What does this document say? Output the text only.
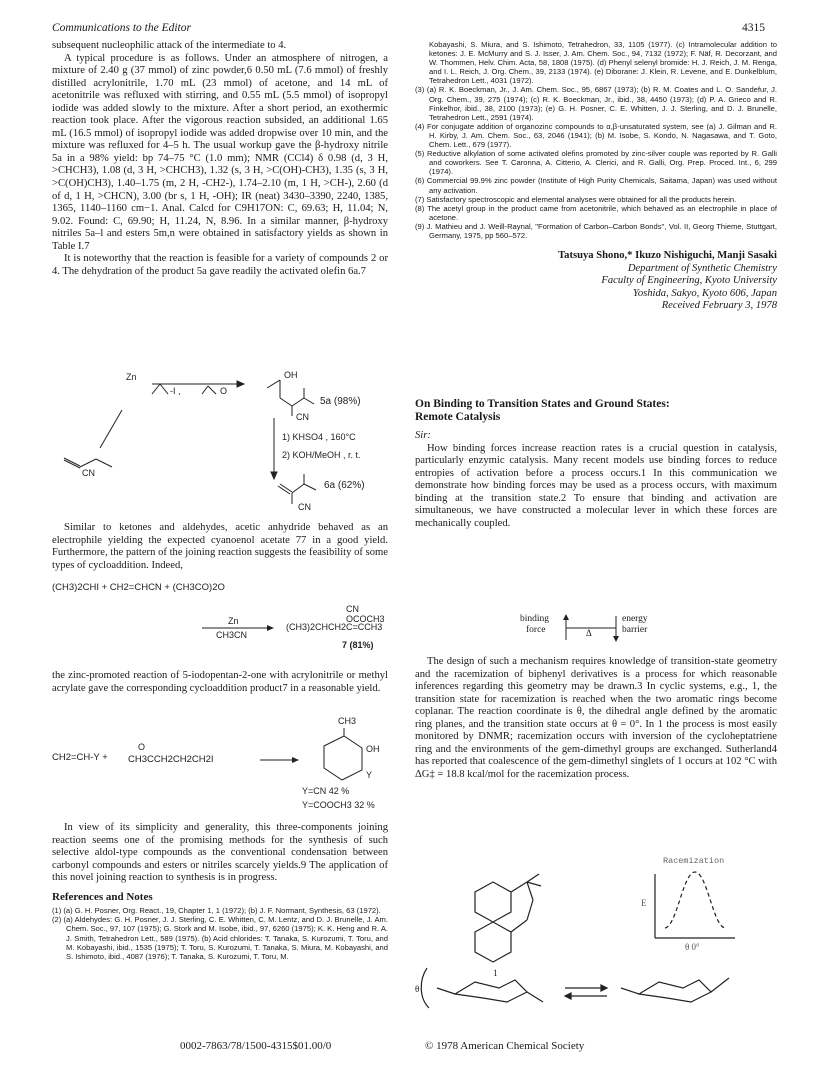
Communications to the Editor	4315

subsequent nucleophilic attack of the intermediate to 4.

A typical procedure is as follows. Under an atmosphere of nitrogen, a mixture of 2.40 g (37 mmol) of zinc powder,6 0.50 mL (7.6 mmol) of freshly distilled acrylonitrile, 1.70 mL (23 mmol) of acetone, and 14 mL of acetonitrile was refluxed with stirring, and 0.55 mL (5.5 mmol) of isopropyl iodide was added slowly to the mixture. After a short period, an exothermic reaction took place. After the vigorous reaction subsided, an additional 1.65 mL (16.5 mmol) of isopropyl iodide was added dropwise over 10 min, and the mixture was refluxed for 4–5 h. The usual workup gave the β-hydroxy nitrile 5a in a 98% yield: bp 74–75 °C (1.0 mm); NMR (CCl4) δ 0.98 (d, 3 H, >CHCH3), 1.08 (d, 3 H, >CHCH3), 1.32 (s, 3 H, >C(OH)-CH3), 1.35 (s, 3 H, >C(OH)CH3), 1.40–1.75 (m, 2 H, -CH2-), 1.74–2.10 (m, 1 H, >CH-), 2.60 (d of d, 1 H, >CHCN), 3.00 (br s, 1 H, -OH); IR (neat) 3430–3390, 2240, 1385, 1365, 1140–1160 cm−1. Anal. Calcd for C9H17ON: C, 69.63; H, 11.04; N, 9.02. Found: C, 69.90; H, 11.24, N, 8.96. In a similar manner, β-hydroxy nitriles 5a–l and esters 5m,n were obtained in satisfactory yields as shown in Table I.7

It is noteworthy that the reaction is feasible for a variety of compounds 2 or 4. The dehydration of the product 5a gave readily the activated olefin 6a.7

Zn
-I ,	O
OH
CN
5a (98%)
CN
1) KHSO4 , 160°C
2) KOH/MeOH , r. t.
6a (62%)
CN

Similar to ketones and aldehydes, acetic anhydride behaved as an electrophile yielding the expected cyanoenol acetate 77 in a good yield. Furthermore, the pattern of the joining reaction suggests the feasibility of some types of cycloaddition. Indeed,

(CH3)2CHI + CH2=CHCN + (CH3CO)2O
Zn
CH3CN
CN OCOCH3
(CH3)2CHCH2C=CCH3
7 (81%)

the zinc-promoted reaction of 5-iodopentan-2-one with acrylonitrile or methyl acrylate gave the corresponding cycloaddition product7 in a reasonable yield.

CH2=CH-Y +
O
CH3CCH2CH2CH2I
CH3
OH
Y
Y=CN 42 %
Y=COOCH3 32 %

In view of its simplicity and generality, this three-components joining reaction seems one of the promising methods for the synthesis of such selective aldol-type compounds as the conventional condensation between carbonyl compounds and esters or nitriles scarcely yields.9 The application of this novel joining reaction to synthesis is in progress.

References and Notes

(1) (a) G. H. Posner, Org. React., 19, Chapter 1, 1 (1972); (b) J. F. Normant, Synthesis, 63 (1972).

(2) (a) Aldehydes: G. H. Posner, J. J. Sterling, C. E. Whitten, C. M. Lentz, and D. J. Brunelle, J. Am. Chem. Soc., 97, 107 (1975); G. Stork and M. Isobe, ibid., 97, 6260 (1975); K. K. Heng and R. A. J. Smith, Tetrahedron Lett., 589 (1975). (b) Acid chlorides: T. Tanaka, S. Kurozumi, T. Toru, and M. Kobayashi, ibid., 1535 (1975); T. Toru, S. Kurozumi, T. Tanaka, S. Miura, M. Kobayashi, and S. Ishimoto, ibid., 4087 (1976); T. Tanaka, S. Kurozumi, T. Toru, M.

Kobayashi, S. Miura, and S. Ishimoto, Tetrahedron, 33, 1105 (1977). (c) Intramolecular addition to ketones: J. E. McMurry and S. J. Isser, J. Am. Chem. Soc., 94, 7132 (1972); F. Näf, R. Decorzant, and W. Thommen, Helv. Chim. Acta, 58, 1808 (1975). (d) Phenyl selenyl bromide: H. J. Reich, J. M. Renga, and I. L. Reich, J. Org. Chem., 39, 2133 (1974). (e) Diborane: J. Klein, R. Levene, and E. Dunkelblum, Tetrahedron Lett., 4031 (1972).

(3) (a) R. K. Boeckman, Jr., J. Am. Chem. Soc., 95, 6867 (1973); (b) R. M. Coates and L. O. Sandefur, J. Org. Chem., 39, 275 (1974); (c) R. K. Boeckman, Jr., ibid., 38, 4450 (1973); (d) P. A. Grieco and R. Finkelhor, ibid., 38, 2100 (1973); (e) G. H. Posner, C. E. Whitten, J. J. Sterling, and D. J. Brunelle, Tetrahedron Lett., 2591 (1974).

(4) For conjugate addition of organozinc compounds to α,β-unsaturated system, see (a) J. Gilman and R. H. Kirby, J. Am. Chem. Soc., 63, 2046 (1941); (b) M. Isobe, S. Kondo, N. Nagasawa, and T. Goto, Chem. Lett., 679 (1977).

(5) Reductive alkylation of some activated olefins promoted by zinc-silver couple was reported by R. Galli and coworkers. See T. Caronna, A. Citterio, A. Clerici, and R. Galli, Org. Prep. Proced. Int., 6, 299 (1974).

(6) Commercial 99.9% zinc powder (Institute of High Purity Chemicals, Saitama, Japan) was used without any activation.

(7) Satisfactory spectroscopic and elemental analyses were obtained for all the products herein.

(8) The acetyl group in the product came from acetonitrile, which behaved as an electrophile in place of acetone.

(9) J. Mathieu and J. Weill-Raynal, "Formation of Carbon–Carbon Bonds", Vol. II, Georg Thieme, Stuttgart, Germany, 1975, pp 560–572.

Tatsuya Shono,* Ikuzo Nishiguchi, Manji Sasaki

Department of Synthetic Chemistry

Faculty of Engineering, Kyoto University

Yoshida, Sakyo, Kyoto 606, Japan

Received February 3, 1978

On Binding to Transition States and Ground States:

Remote Catalysis

Sir:

How binding forces increase reaction rates is a crucial question in catalysis, particularly enzymic catalysis. Many recent models use binding forces to reduce entropies of activation before a process occurs.1 In this communication we demonstrate how binding forces may be used as a process occurs, with maximum binding at the transition state.2 To ensure that binding and activation are simultaneous, we have constructed a molecular lever in which these forces are mechanically coupled.

binding
force	Δ
energy
barrier

The design of such a mechanism requires knowledge of transition-state geometry and the racemization of biphenyl derivatives is a process for which reasonable inferences regarding this geometry may be drawn.3 In cyclic systems, e.g., 1, the transition state for racemization is reached when the two aromatic rings become coplanar. The reaction coordinate is θ, the dihedral angle defined by the aromatic ring planes, and the transition state occurs at θ = 0°. In 1 the process is most easily monitored by DNMR; racemization occurs with inversion of the cycloheptatriene ring and the environments of the gem-dimethyl groups are exchanged. Sutherland4 has reported that coalescence of the gem-dimethyl singlets of 1 occurs at 102 °C with ΔG‡ = 18.8 kcal/mol for the racemization process.

Racemization
E
θ 0°
1
θ
0002-7863/78/1500-4315$01.00/0	© 1978 American Chemical Society
